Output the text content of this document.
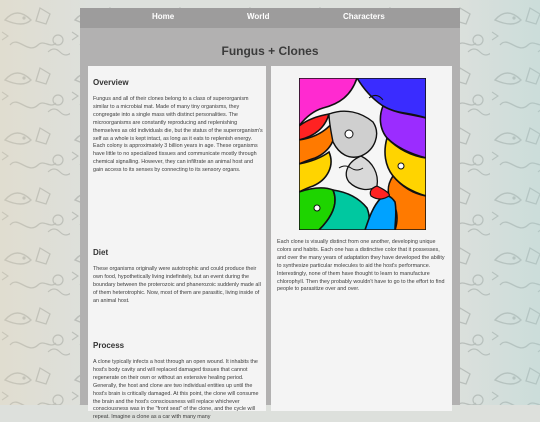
Home	World	Characters
Fungus + Clones
Overview

Fungus and all of their clones belong to a class of superorganism similar to a microbial mat. Made of many tiny organisms, they congregate into a single mass with distinct personalities. The microorganisms are constantly reproducing and replenishing themselves as old individuals die, but the status of the superorganism's self as a whole is kept intact, as long as it eats to replenish energy. Each colony is approximately 3 billion years in age. These organisms have little to no specialized tissues and communicate mostly through chemical signalling. However, they can infiltrate an animal host and gain access to its senses by connecting to its sensory organs.

Diet

These organisms originally were autotrophic and could produce their own food, hypothetically living indefinitely, but an event during the boundary between the proterozoic and phanerozoic suddenly made all of them heterotrophic. Now, most of them are parasitic, living inside of an animal host.

Process

A clone typically infects a host through an open wound. It inhabits the host's body cavity and will replaced damaged tissues that cannot regenerate on their own or without an extensive healing period. Generally, the host and clone are two individual entities up until the host's brain is critically damaged. At this point, the clone will consume the brain and the host's consciousness will replace whichever consciousness was in the "front seat" of the clone, and the cycle will repeat. Imagine a clone as a car with many many

Each clone is visually distinct from one another, developing unique colors and habits. Each one has a distinctive color that it possesses, and over the many years of adaptation they have developed the ability to synthesize particular molecules to aid the host's performance. Interestingly, none of them have thought to learn to manufacture chlorophyll. Then they probably wouldn't have to go to the effort to find people to parasitize over and over.
